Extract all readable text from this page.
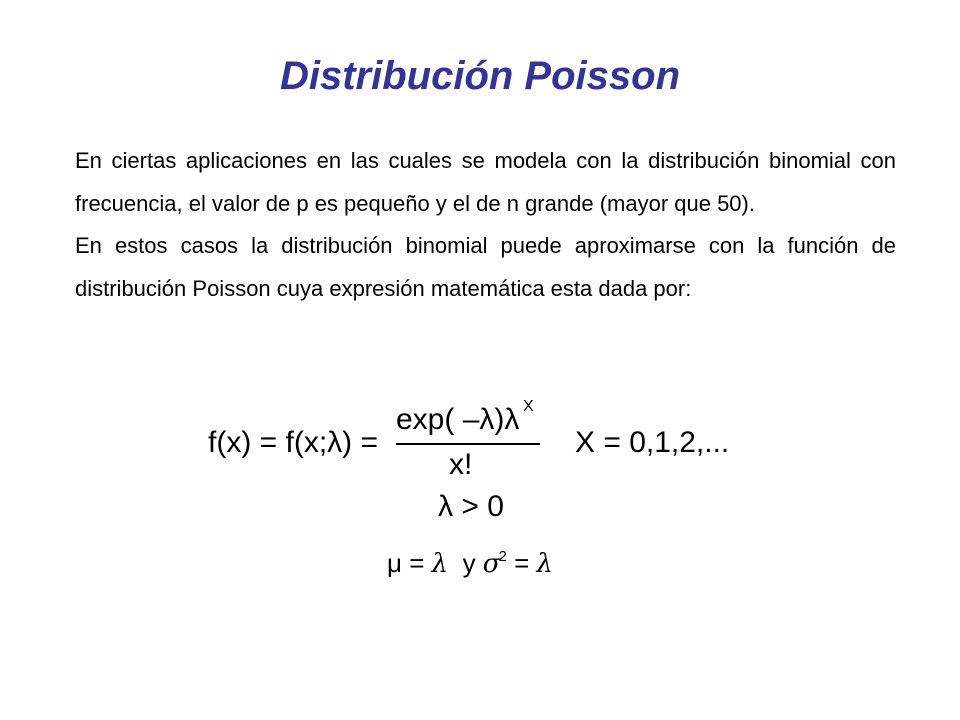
Distribución Poisson

En ciertas aplicaciones en las cuales se modela con la distribución binomial con frecuencia, el valor de p es pequeño y el de n grande (mayor que 50).

En estos casos la distribución binomial puede aproximarse con la función de distribución Poisson cuya expresión matemática esta dada por:

f(x) = f(x;λ) =
exp( –λ)λ X
x!
X = 0,1,2,...
λ > 0
μ = λ y $\sigma^2 = \lambda$
